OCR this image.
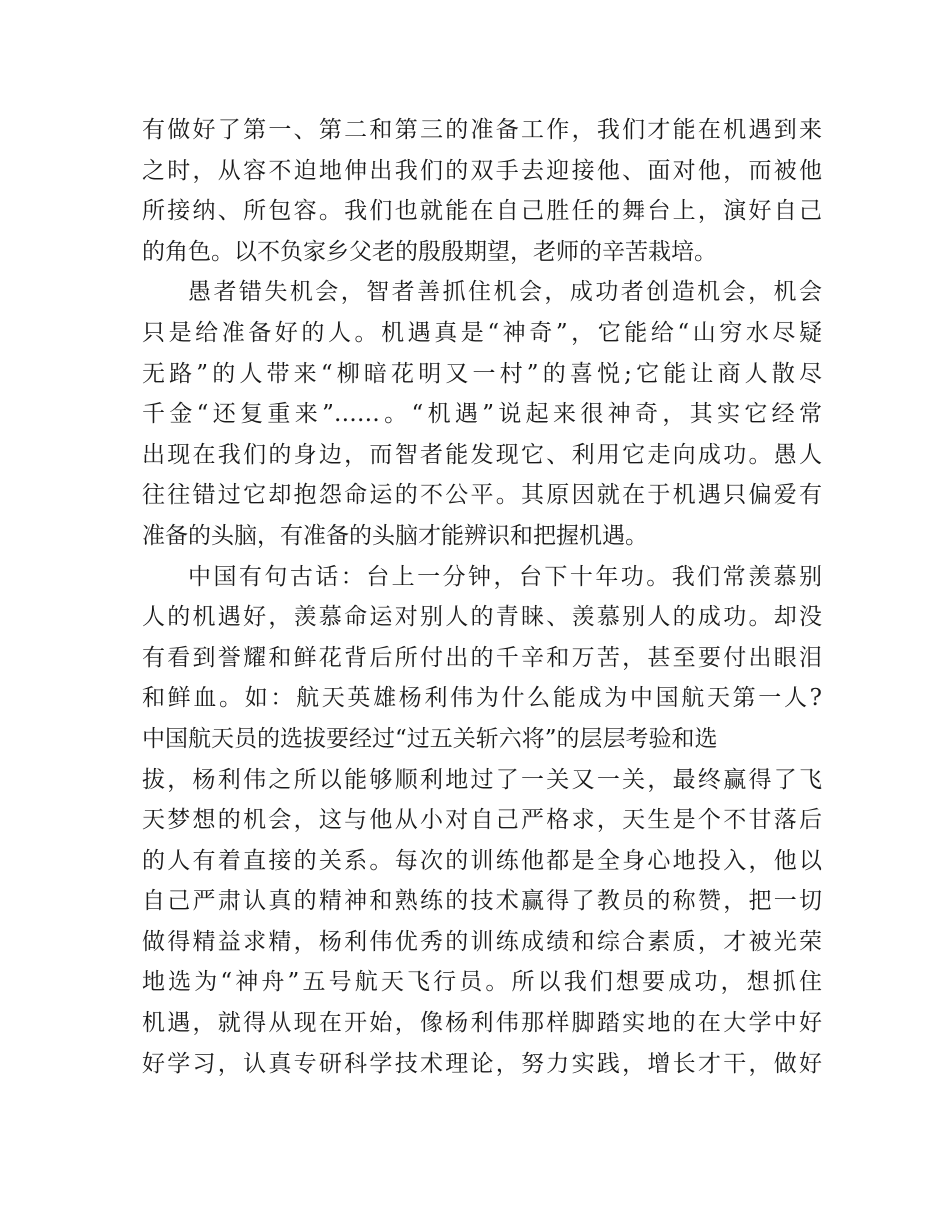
有做好了第一、第二和第三的准备工作，我们才能在机遇到来
之时，从容不迫地伸出我们的双手去迎接他、面对他，而被他
所接纳、所包容。我们也就能在自己胜任的舞台上，演好自己
的角色。以不负家乡父老的殷殷期望，老师的辛苦栽培。
愚者错失机会，智者善抓住机会，成功者创造机会，机会
只是给准备好的人。机遇真是“神奇”，它能给“山穷水尽疑
无路”的人带来“柳暗花明又一村”的喜悦;它能让商人散尽
千金“还复重来”……。“机遇”说起来很神奇，其实它经常
出现在我们的身边，而智者能发现它、利用它走向成功。愚人
往往错过它却抱怨命运的不公平。其原因就在于机遇只偏爱有
准备的头脑，有准备的头脑才能辨识和把握机遇。
中国有句古话：台上一分钟，台下十年功。我们常羡慕别
人的机遇好，羡慕命运对别人的青睐、羡慕别人的成功。却没
有看到誉耀和鲜花背后所付出的千辛和万苦，甚至要付出眼泪
和鲜血。如：航天英雄杨利伟为什么能成为中国航天第一人?
中国航天员的选拔要经过“过五关斩六将”的层层考验和选
拔，杨利伟之所以能够顺利地过了一关又一关，最终赢得了飞
天梦想的机会，这与他从小对自己严格求，天生是个不甘落后
的人有着直接的关系。每次的训练他都是全身心地投入，他以
自己严肃认真的精神和熟练的技术赢得了教员的称赞，把一切
做得精益求精，杨利伟优秀的训练成绩和综合素质，才被光荣
地选为“神舟”五号航天飞行员。所以我们想要成功，想抓住
机遇，就得从现在开始，像杨利伟那样脚踏实地的在大学中好
好学习，认真专研科学技术理论，努力实践，增长才干，做好
